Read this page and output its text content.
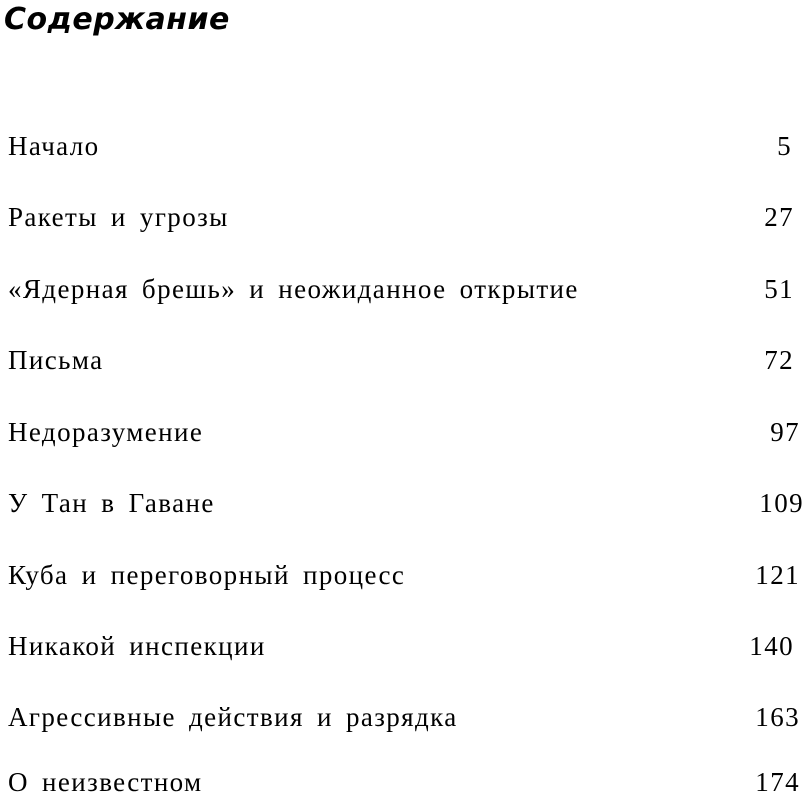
Содержание
Начало	5
Ракеты и угрозы	27
«Ядерная брешь» и неожиданное открытие	51
Письма	72
Недоразумение	97
У Тан в Гаване	109
Куба и переговорный процесс	121
Никакой инспекции	140
Агрессивные действия и разрядка	163
О неизвестном	174
